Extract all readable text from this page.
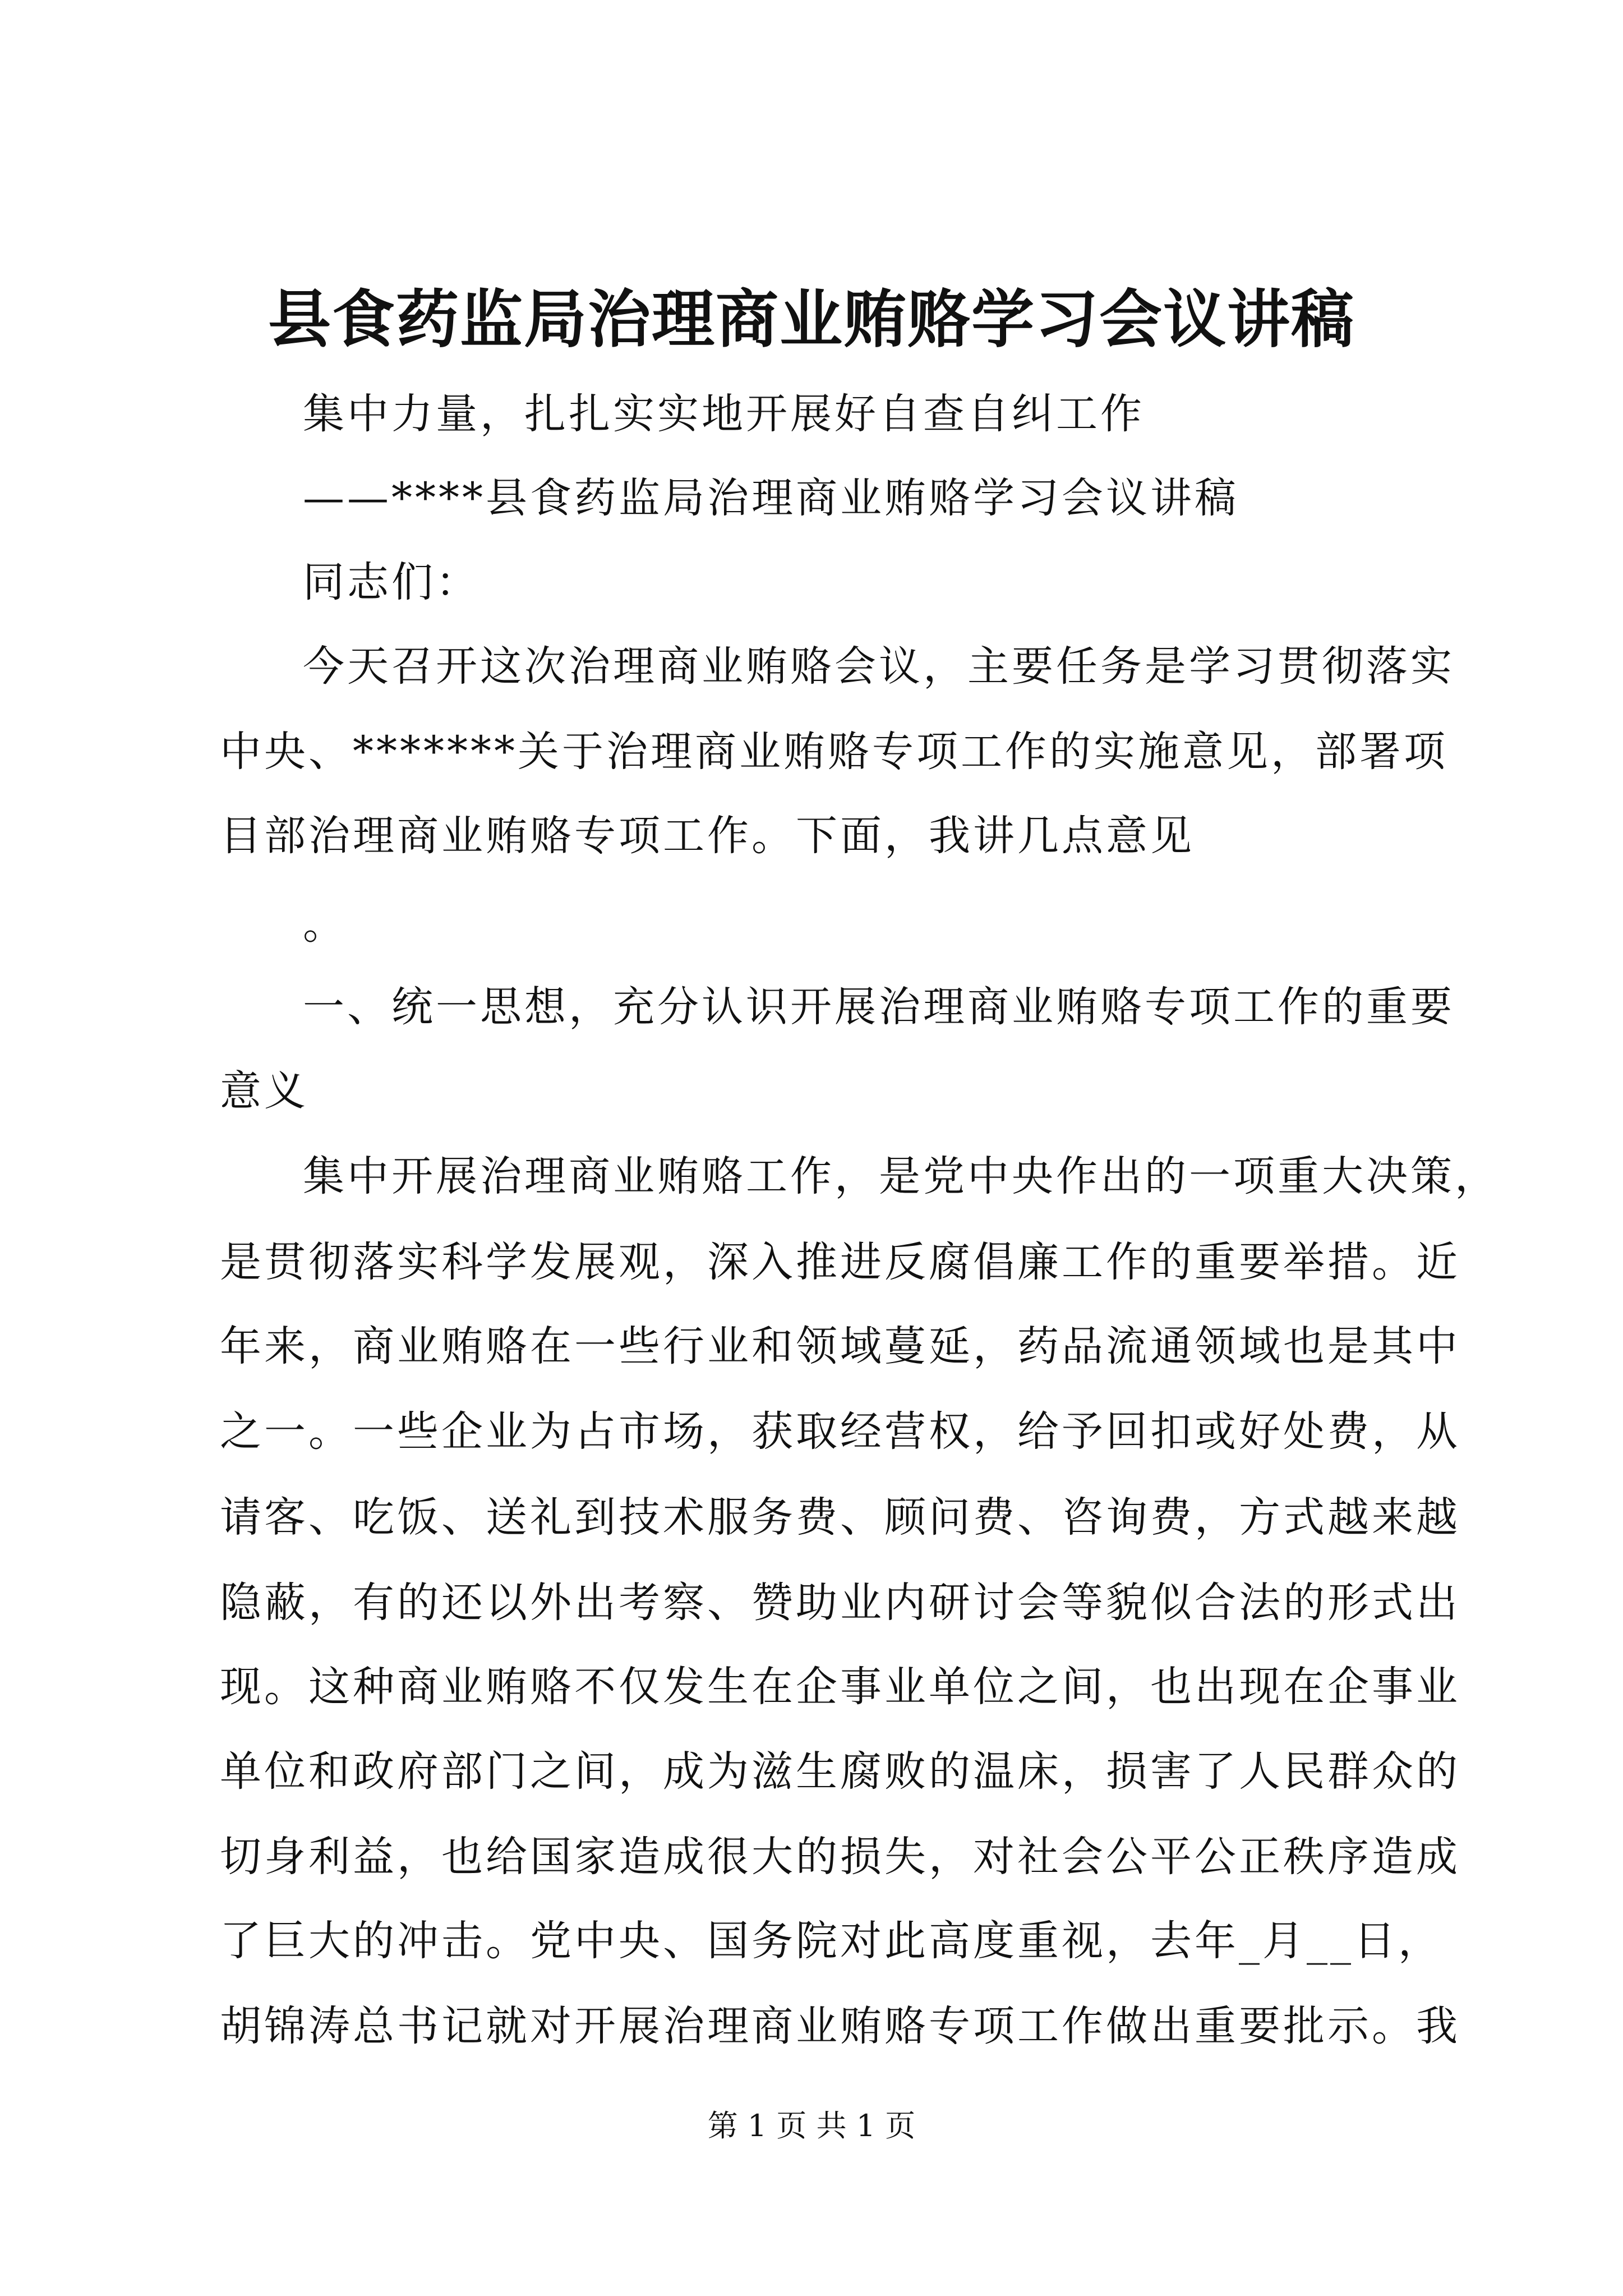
县食药监局治理商业贿赂学习会议讲稿
集中力量，扎扎实实地开展好自查自纠工作
——****县食药监局治理商业贿赂学习会议讲稿
同志们：
今天召开这次治理商业贿赂会议，主要任务是学习贯彻落实
中央、*******关于治理商业贿赂专项工作的实施意见，部署项
目部治理商业贿赂专项工作。下面，我讲几点意见
。
一、统一思想，充分认识开展治理商业贿赂专项工作的重要
意义
集中开展治理商业贿赂工作，是党中央作出的一项重大决策，
是贯彻落实科学发展观，深入推进反腐倡廉工作的重要举措。近
年来，商业贿赂在一些行业和领域蔓延，药品流通领域也是其中
之一。一些企业为占市场，获取经营权，给予回扣或好处费，从
请客、吃饭、送礼到技术服务费、顾问费、咨询费，方式越来越
隐蔽，有的还以外出考察、赞助业内研讨会等貌似合法的形式出
现。这种商业贿赂不仅发生在企事业单位之间，也出现在企事业
单位和政府部门之间，成为滋生腐败的温床，损害了人民群众的
切身利益，也给国家造成很大的损失，对社会公平公正秩序造成
了巨大的冲击。党中央、国务院对此高度重视，去年_月__日，
胡锦涛总书记就对开展治理商业贿赂专项工作做出重要批示。我
第 1 页 共 1 页
